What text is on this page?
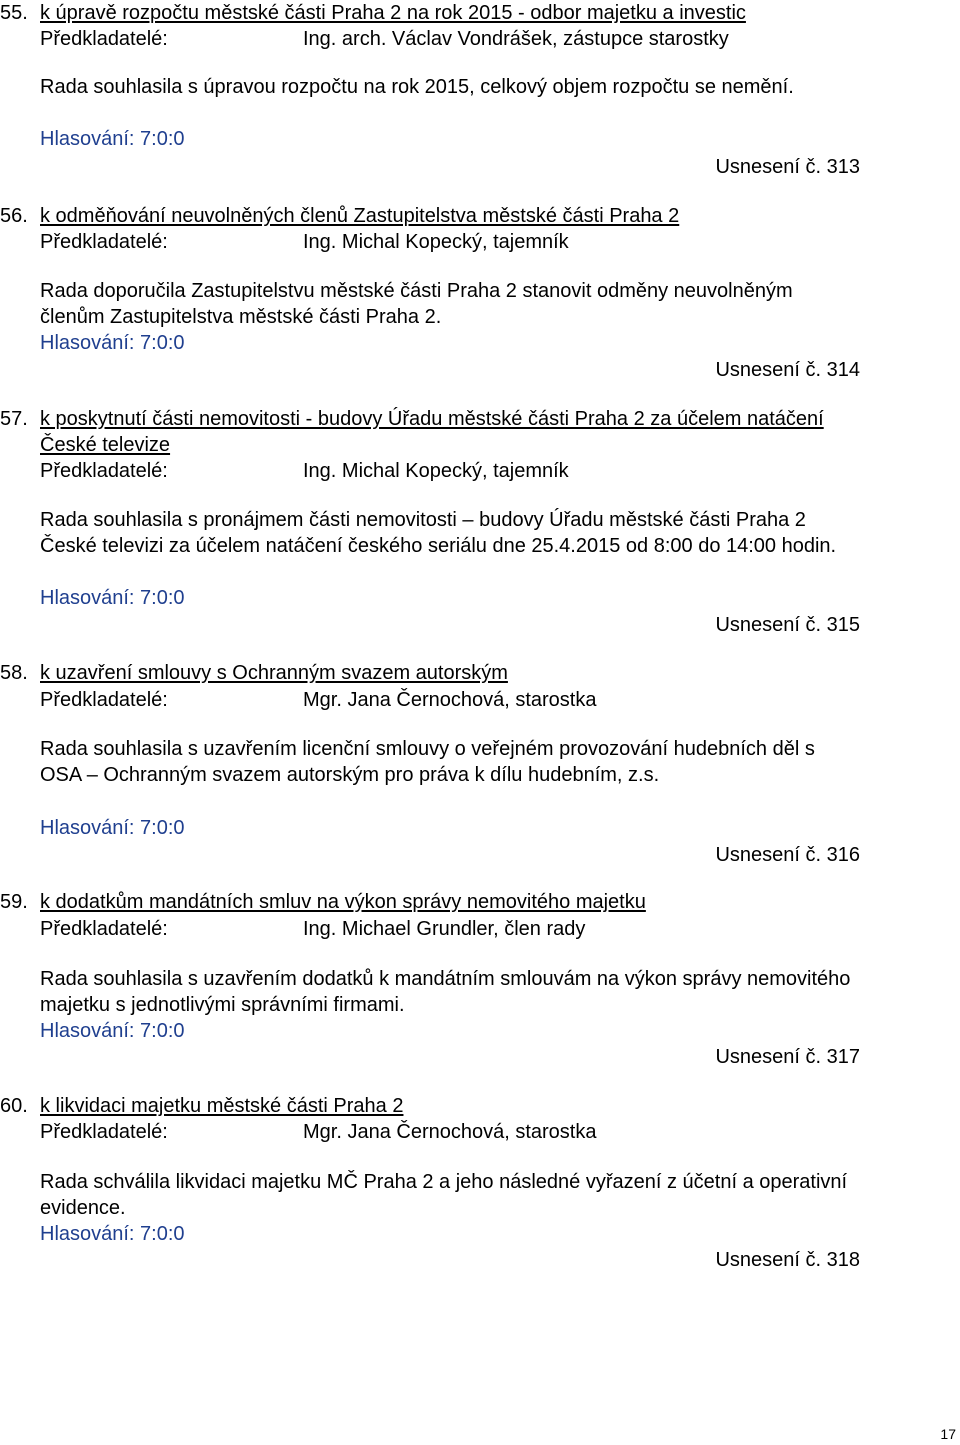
55. k úpravě rozpočtu městské části Praha 2 na rok 2015 - odbor majetku a investic
Předkladatelé:	Ing. arch. Václav Vondrášek, zástupce starostky
Rada souhlasila s úpravou rozpočtu na rok 2015, celkový objem rozpočtu se nemění.
Hlasování: 7:0:0
Usnesení č. 313
56. k odměňování neuvolněných členů Zastupitelstva městské části Praha 2
Předkladatelé:	Ing. Michal Kopecký, tajemník
Rada doporučila Zastupitelstvu městské části Praha 2 stanovit odměny neuvolněným členům Zastupitelstva městské části Praha 2.
Hlasování: 7:0:0
Usnesení č. 314
57. k poskytnutí části nemovitosti - budovy Úřadu městské části Praha 2 za účelem natáčení České televize
Předkladatelé:	Ing. Michal Kopecký, tajemník
Rada souhlasila s pronájmem části nemovitosti – budovy Úřadu městské části Praha 2 České televizi za účelem natáčení českého seriálu dne 25.4.2015 od 8:00 do 14:00 hodin.
Hlasování: 7:0:0
Usnesení č. 315
58. k uzavření smlouvy s Ochranným svazem autorským
Předkladatelé:	Mgr. Jana Černochová, starostka
Rada souhlasila s uzavřením licenční smlouvy o veřejném provozování hudebních děl s OSA – Ochranným svazem autorským pro práva k dílu hudebním, z.s.
Hlasování: 7:0:0
Usnesení č. 316
59. k dodatkům mandátních smluv na výkon správy nemovitého majetku
Předkladatelé:	Ing. Michael Grundler, člen rady
Rada souhlasila s uzavřením dodatků k mandátním smlouvám na výkon správy nemovitého majetku s jednotlivými správními firmami.
Hlasování: 7:0:0
Usnesení č. 317
60. k likvidaci majetku městské části Praha 2
Předkladatelé:	Mgr. Jana Černochová, starostka
Rada schválila likvidaci majetku MČ Praha 2 a jeho následné vyřazení z účetní a operativní evidence.
Hlasování: 7:0:0
Usnesení č. 318
17
